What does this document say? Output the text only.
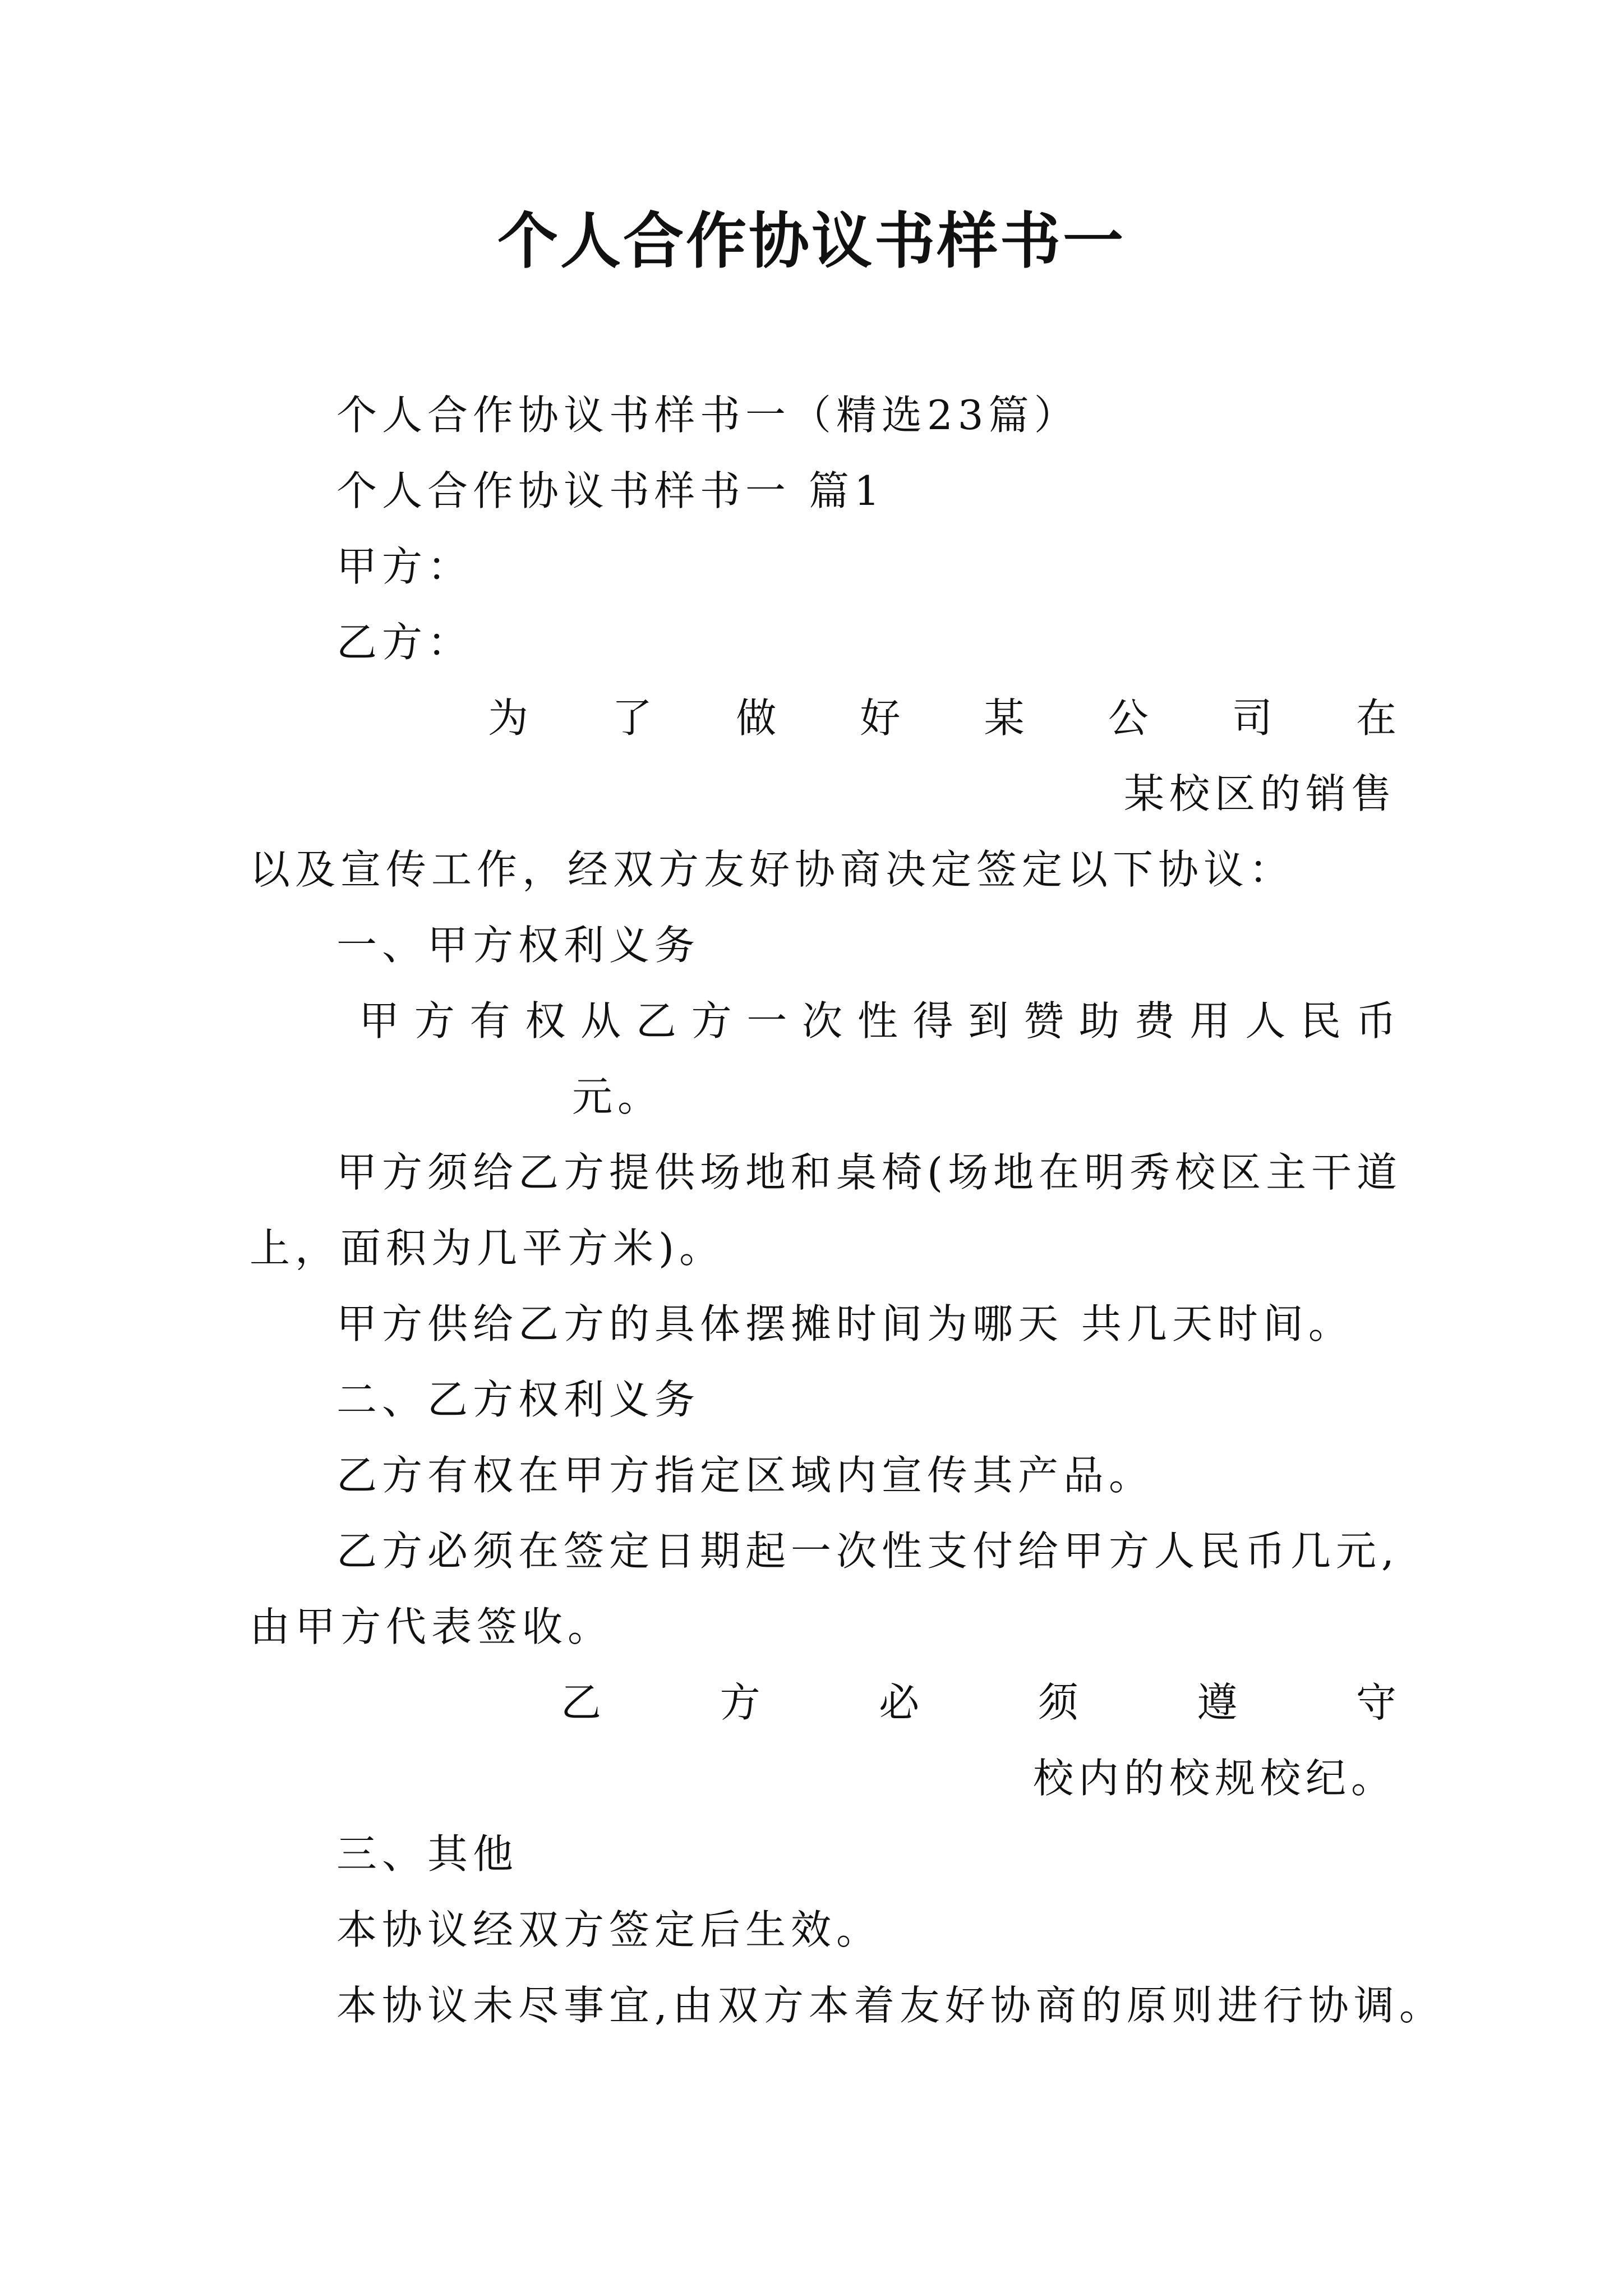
个人合作协议书样书一
个人合作协议书样书一（精选23篇）
个人合作协议书样书一 篇1
甲方：
乙方：
为 了 做 好 某 公 司 在
某校区的销售
以及宣传工作，经双方友好协商决定签定以下协议：
一、甲方权利义务
甲 方 有 权 从 乙 方 一 次 性 得 到 赞 助 费 用 人 民 币
元。
甲方须给乙方提供场地和桌椅(场地在明秀校区主干道
上，面积为几平方米)。
甲方供给乙方的具体摆摊时间为哪天 共几天时间。
二、乙方权利义务
乙方有权在甲方指定区域内宣传其产品。
乙方必须在签定日期起一次性支付给甲方人民币几元,
由甲方代表签收。
乙	方	必	须	遵	守
校内的校规校纪。
三、其他
本协议经双方签定后生效。
本协议未尽事宜,由双方本着友好协商的原则进行协调。
